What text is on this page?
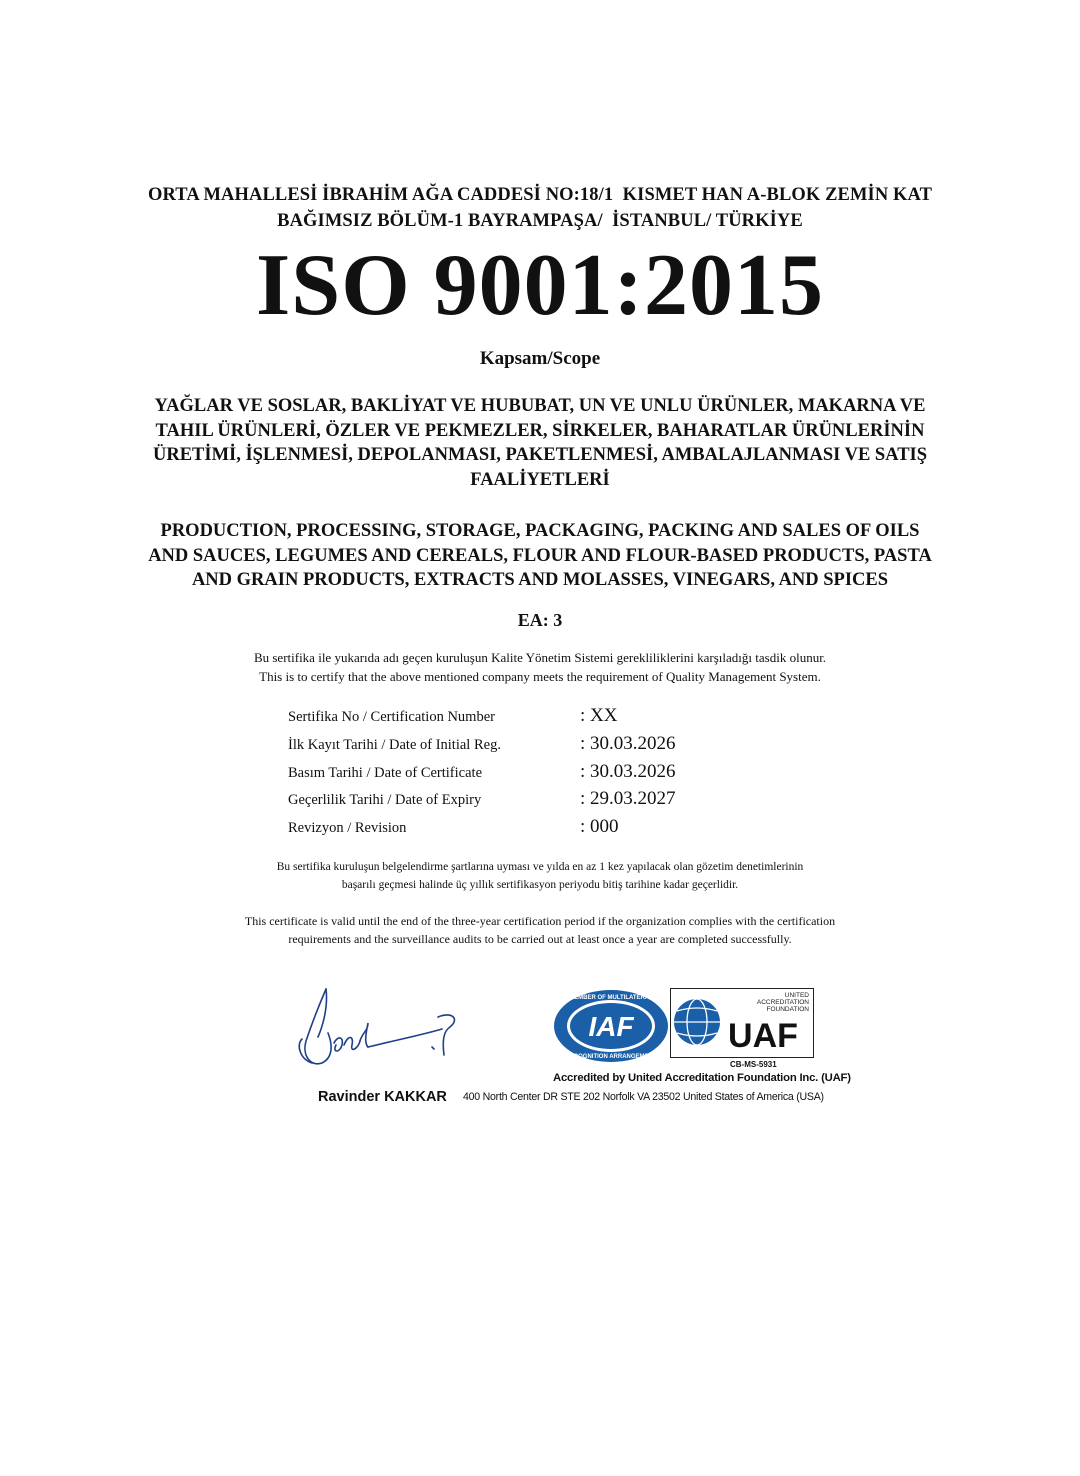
ORTA MAHALLESİ İBRAHİM AĞA CADDESİ NO:18/1  KISMET HAN A-BLOK ZEMİN KAT
BAĞIMSIZ BÖLÜM-1 BAYRAMPAŞA/  İSTANBUL/ TÜRKİYE
ISO 9001:2015
Kapsam/Scope
YAĞLAR VE SOSLAR, BAKLİYAT VE HUBUBAT, UN VE UNLU ÜRÜNLER, MAKARNA VE
TAHIL ÜRÜNLERİ, ÖZLER VE PEKMEZLER, SİRKELER, BAHARATLAR ÜRÜNLERİNİN
ÜRETİMİ, İŞLENMESİ, DEPOLANMASI, PAKETLENMESİ, AMBALAJLANMASI VE SATIŞ
FAALİYETLERİ
PRODUCTION, PROCESSING, STORAGE, PACKAGING, PACKING AND SALES OF OILS
AND SAUCES, LEGUMES AND CEREALS, FLOUR AND FLOUR-BASED PRODUCTS, PASTA
AND GRAIN PRODUCTS, EXTRACTS AND MOLASSES, VINEGARS, AND SPICES
EA: 3
Bu sertifika ile yukarıda adı geçen kuruluşun Kalite Yönetim Sistemi gerekliliklerini karşıladığı tasdik olunur.
This is to certify that the above mentioned company meets the requirement of Quality Management System.
Sertifika No / Certification Number	: XX
İlk Kayıt Tarihi / Date of Initial Reg.	: 30.03.2026
Basım Tarihi / Date of Certificate	: 30.03.2026
Geçerlilik Tarihi / Date of Expiry	: 29.03.2027
Revizyon / Revision	: 000
Bu sertifika kuruluşun belgelendirme şartlarına uyması ve yılda en az 1 kez yapılacak olan gözetim denetimlerinin
başarılı geçmesi halinde üç yıllık sertifikasyon periyodu bitiş tarihine kadar geçerlidir.
This certificate is valid until the end of the three-year certification period if the organization complies with the certification
requirements and the surveillance audits to be carried out at least once a year are completed successfully.
Ravinder KAKKAR
IAF
MEMBER OF MULTILATERAL
RECOGNITION ARRANGEMENT
UNITED
ACCREDITATION
FOUNDATION
UAF
CB-MS-5931
Accredited by United Accreditation Foundation Inc. (UAF)
400 North Center DR STE 202 Norfolk VA 23502 United States of America (USA)
